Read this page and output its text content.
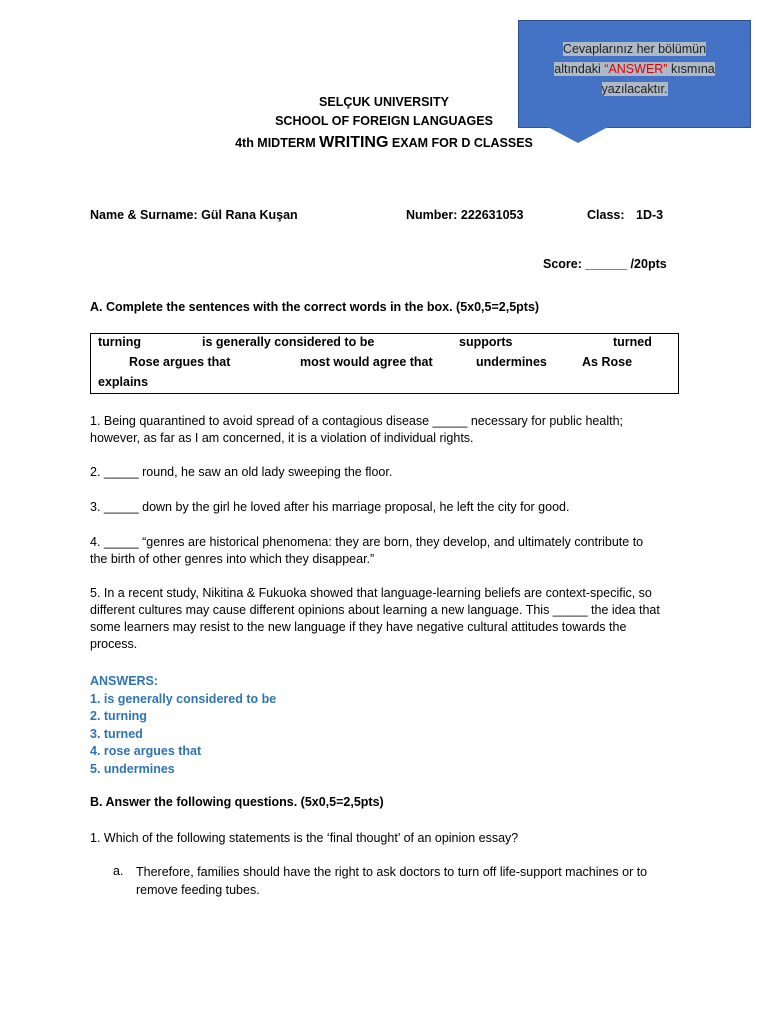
Cevaplarınız her bölümün
altındaki “ANSWER” kısmına
yazılacaktır.
SELÇUK UNIVERSITY
SCHOOL OF FOREIGN LANGUAGES
4th MIDTERM WRITING EXAM FOR D CLASSES
Name & Surname: Gül Rana Kuşan	Number: 222631053	Class: 1D-3
Score: ______ /20pts
A. Complete the sentences with the correct words in the box. (5x0,5=2,5pts)
turning	is generally considered to be	supports	turned
Rose argues that	most would agree that	undermines	As Rose
explains
1. Being quarantined to avoid spread of a contagious disease _____ necessary for public health;
however, as far as I am concerned, it is a violation of individual rights.
2. _____ round, he saw an old lady sweeping the floor.
3. _____ down by the girl he loved after his marriage proposal, he left the city for good.
4. _____ “genres are historical phenomena: they are born, they develop, and ultimately contribute to
the birth of other genres into which they disappear.”
5. In a recent study, Nikitina & Fukuoka showed that language-learning beliefs are context-specific, so
different cultures may cause different opinions about learning a new language. This _____ the idea that
some learners may resist to the new language if they have negative cultural attitudes towards the
process.
ANSWERS:
1. is generally considered to be
2. turning
3. turned
4. rose argues that
5. undermines
B. Answer the following questions. (5x0,5=2,5pts)
1. Which of the following statements is the ‘final thought’ of an opinion essay?
a. Therefore, families should have the right to ask doctors to turn off life-support machines or to
remove feeding tubes.
